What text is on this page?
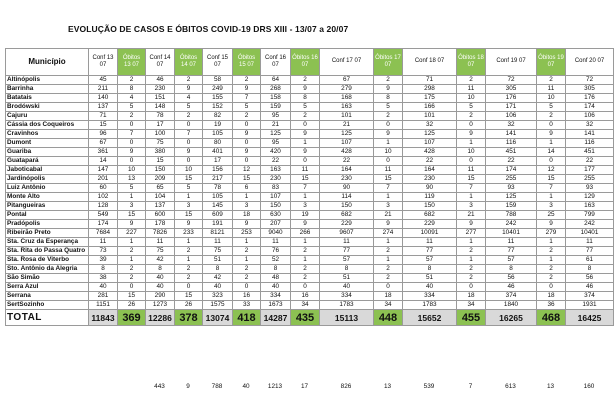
EVOLUÇÃO DE CASOS E ÓBITOS COVID-19 DRS XIII - 13/07 a 20/07
Município	Conf 13 07	Óbitos 13 07	Conf 14 07	Óbitos 14 07	Conf 15 07	Óbitos 15 07	Conf 16 07	Óbitos 16 07	Conf 17 07	Óbitos 17 07	Conf 18 07	Óbitos 18 07	Conf 19 07	Óbitos 19 07	Conf 20 07
Altinópolis	45	2	46	2	58	2	64	2	67	2	71	2	72	2	72
Barrinha	211	8	230	9	249	9	268	9	279	9	298	11	305	11	305
Batatais	140	4	151	4	155	7	158	8	168	8	175	10	176	10	176
Brodówski	137	5	148	5	152	5	159	5	163	5	166	5	171	5	174
Cajuru	71	2	78	2	82	2	95	2	101	2	101	2	106	2	106
Cássia dos Coqueiros	15	0	17	0	19	0	21	0	21	0	32	0	32	0	32
Cravinhos	96	7	100	7	105	9	125	9	125	9	125	9	141	9	141
Dumont	67	0	75	0	80	0	95	1	107	1	107	1	116	1	116
Guariba	361	9	380	9	401	9	420	9	428	10	428	10	451	14	451
Guatapará	14	0	15	0	17	0	22	0	22	0	22	0	22	0	22
Jaboticabal	147	10	150	10	156	12	163	11	164	11	164	11	174	12	177
Jardinópolis	201	13	209	15	217	15	230	15	230	15	230	15	255	15	255
Luiz Antônio	60	5	65	5	78	6	83	7	90	7	90	7	93	7	93
Monte Alto	102	1	104	1	105	1	107	1	114	1	119	1	125	1	129
Pitangueiras	128	3	137	3	145	3	150	3	150	3	150	3	159	3	163
Pontal	549	15	600	15	609	18	630	19	682	21	682	21	788	25	799
Pradópolis	174	9	178	9	191	9	207	9	229	9	229	9	242	9	242
Ribeirão Preto	7684	227	7826	233	8121	253	9040	266	9607	274	10091	277	10401	279	10401
Sta. Cruz da Esperança	11	1	11	1	11	1	11	1	11	1	11	1	11	1	11
Sta. Rita do Passa Quatro	73	2	75	2	75	2	76	2	77	2	77	2	77	2	77
Sta. Rosa de Viterbo	39	1	42	1	51	1	52	1	57	1	57	1	57	1	61
Sto. Antônio da Alegria	8	2	8	2	8	2	8	2	8	2	8	2	8	2	8
São Simão	38	2	40	2	42	2	48	2	51	2	51	2	56	2	56
Serra Azul	40	0	40	0	40	0	40	0	40	0	40	0	46	0	46
Serrana	281	15	290	15	323	16	334	16	334	18	334	18	374	18	374
SertSozinho	1151	26	1273	26	1575	33	1673	34	1783	34	1783	34	1840	36	1931
TOTAL	11843	369	12286	378	13074	418	14287	435	15113	448	15652	455	16265	468	16425
			443	9	788	40	1213	17	826	13	539	7	613	13	160
